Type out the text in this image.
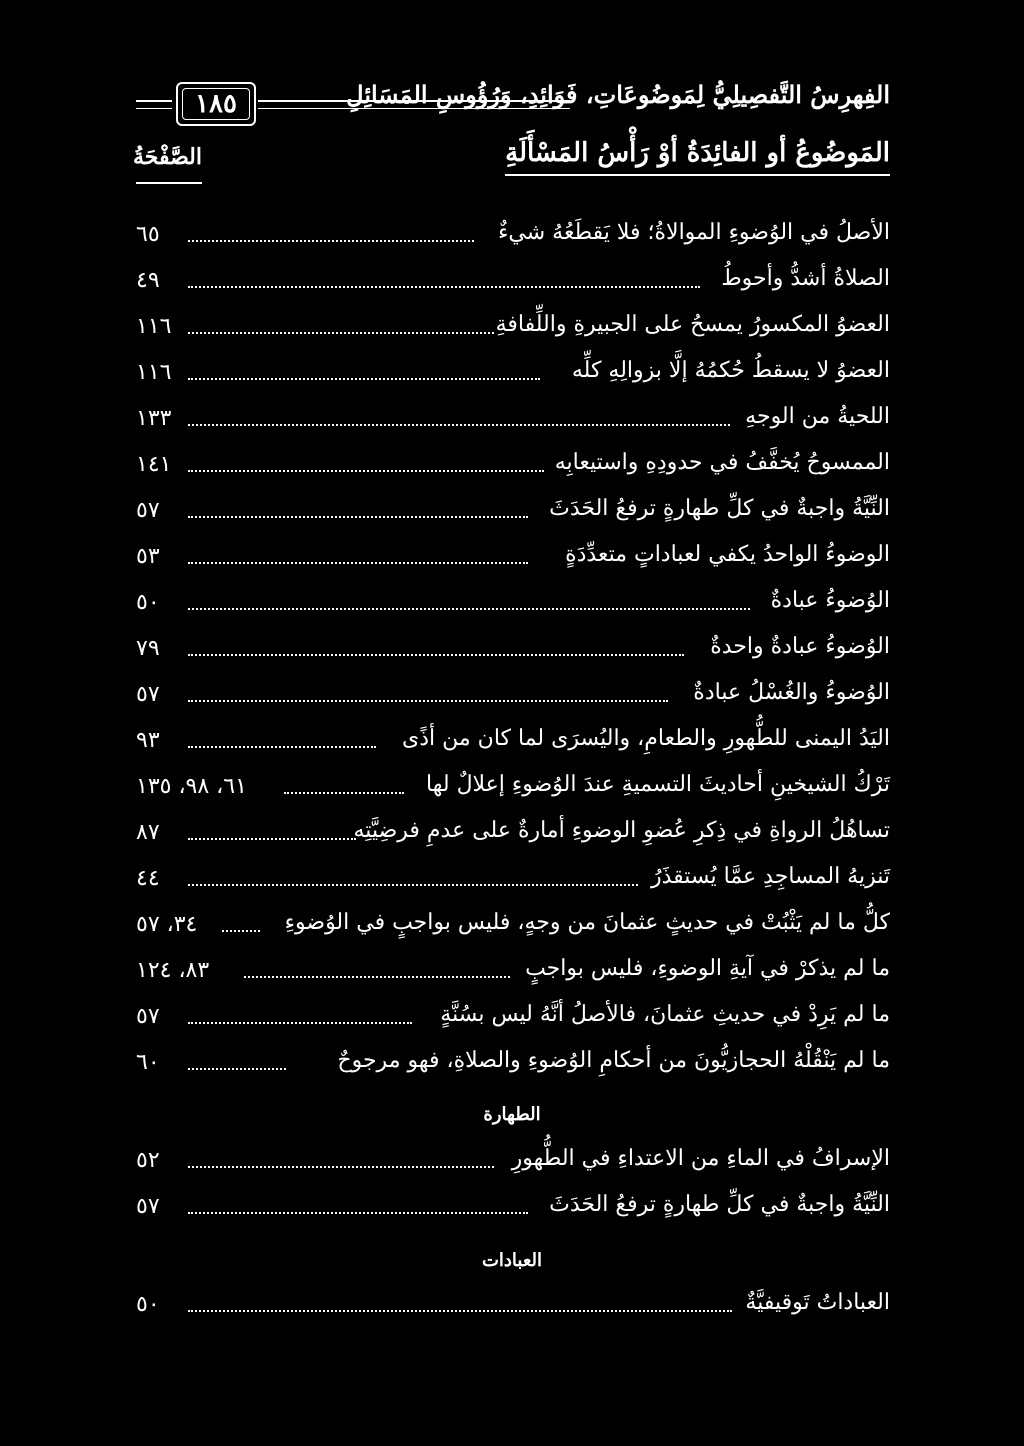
الفِهرِسُ التَّفصِيلِيُّ لِمَوضُوعَاتِ، فَوَائِدِ، وَرُؤُوسِ المَسَائِلِ
١٨٥
المَوضُوعُ أو الفائِدَةُ أوْ رَأْسُ المَسْأَلَةِ
الصَّفْحَةُ
الأصلُ في الوُضوءِ الموالاةُ؛ فلا يَقطَعُهُ شيءٌ
٦٥
الصلاةُ أشدُّ وأحوطُ
٤٩
العضوُ المكسورُ يمسحُ على الجبيرةِ واللِّفافةِ
١١٦
العضوُ لا يسقطُ حُكمُهُ إلَّا بزوالِهِ كلِّه
١١٦
اللحيةُ من الوجهِ
١٣٣
الممسوحُ يُخفَّفُ في حدودِهِ واستيعابِه
١٤١
النِّيَّةُ واجبةٌ في كلِّ طهارةٍ ترفعُ الحَدَثَ
٥٧
الوضوءُ الواحدُ يكفي لعباداتٍ متعدِّدَةٍ
٥٣
الوُضوءُ عبادةٌ
٥٠
الوُضوءُ عبادةٌ واحدةٌ
٧٩
الوُضوءُ والغُسْلُ عبادةٌ
٥٧
اليَدُ اليمنى للطُّهورِ والطعامِ، واليُسرَى لما كان من أذًى
٩٣
تَرْكُ الشيخينِ أحاديثَ التسميةِ عندَ الوُضوءِ إعلالٌ لها
٦١، ٩٨، ١٣٥
تساهُلُ الرواةِ في ذِكرِ عُضوِ الوضوءِ أمارةٌ على عدمِ فرضِيَّتِه
٨٧
تَنزيهُ المساجِدِ عمَّا يُستقذَرُ
٤٤
كلُّ ما لم يَثْبُتْ في حديثٍ عثمانَ من وجهٍ، فليس بواجبٍ في الوُضوءِ
٣٤، ٥٧
ما لم يذكرْ في آيةِ الوضوءِ، فليس بواجبٍ
٨٣، ١٢٤
ما لم يَرِدْ في حديثِ عثمانَ، فالأصلُ أنَّهُ ليس بسُنَّةٍ
٥٧
ما لم يَنْقُلْهُ الحجازيُّونَ من أحكامِ الوُضوءِ والصلاةِ، فهو مرجوحٌ
٦٠
الطهارة
الإسرافُ في الماءِ من الاعتداءِ في الطُّهورِ
٥٢
النِّيَّةُ واجبةٌ في كلِّ طهارةٍ ترفعُ الحَدَثَ
٥٧
العبادات
العباداتُ تَوقيفيَّةٌ
٥٠
